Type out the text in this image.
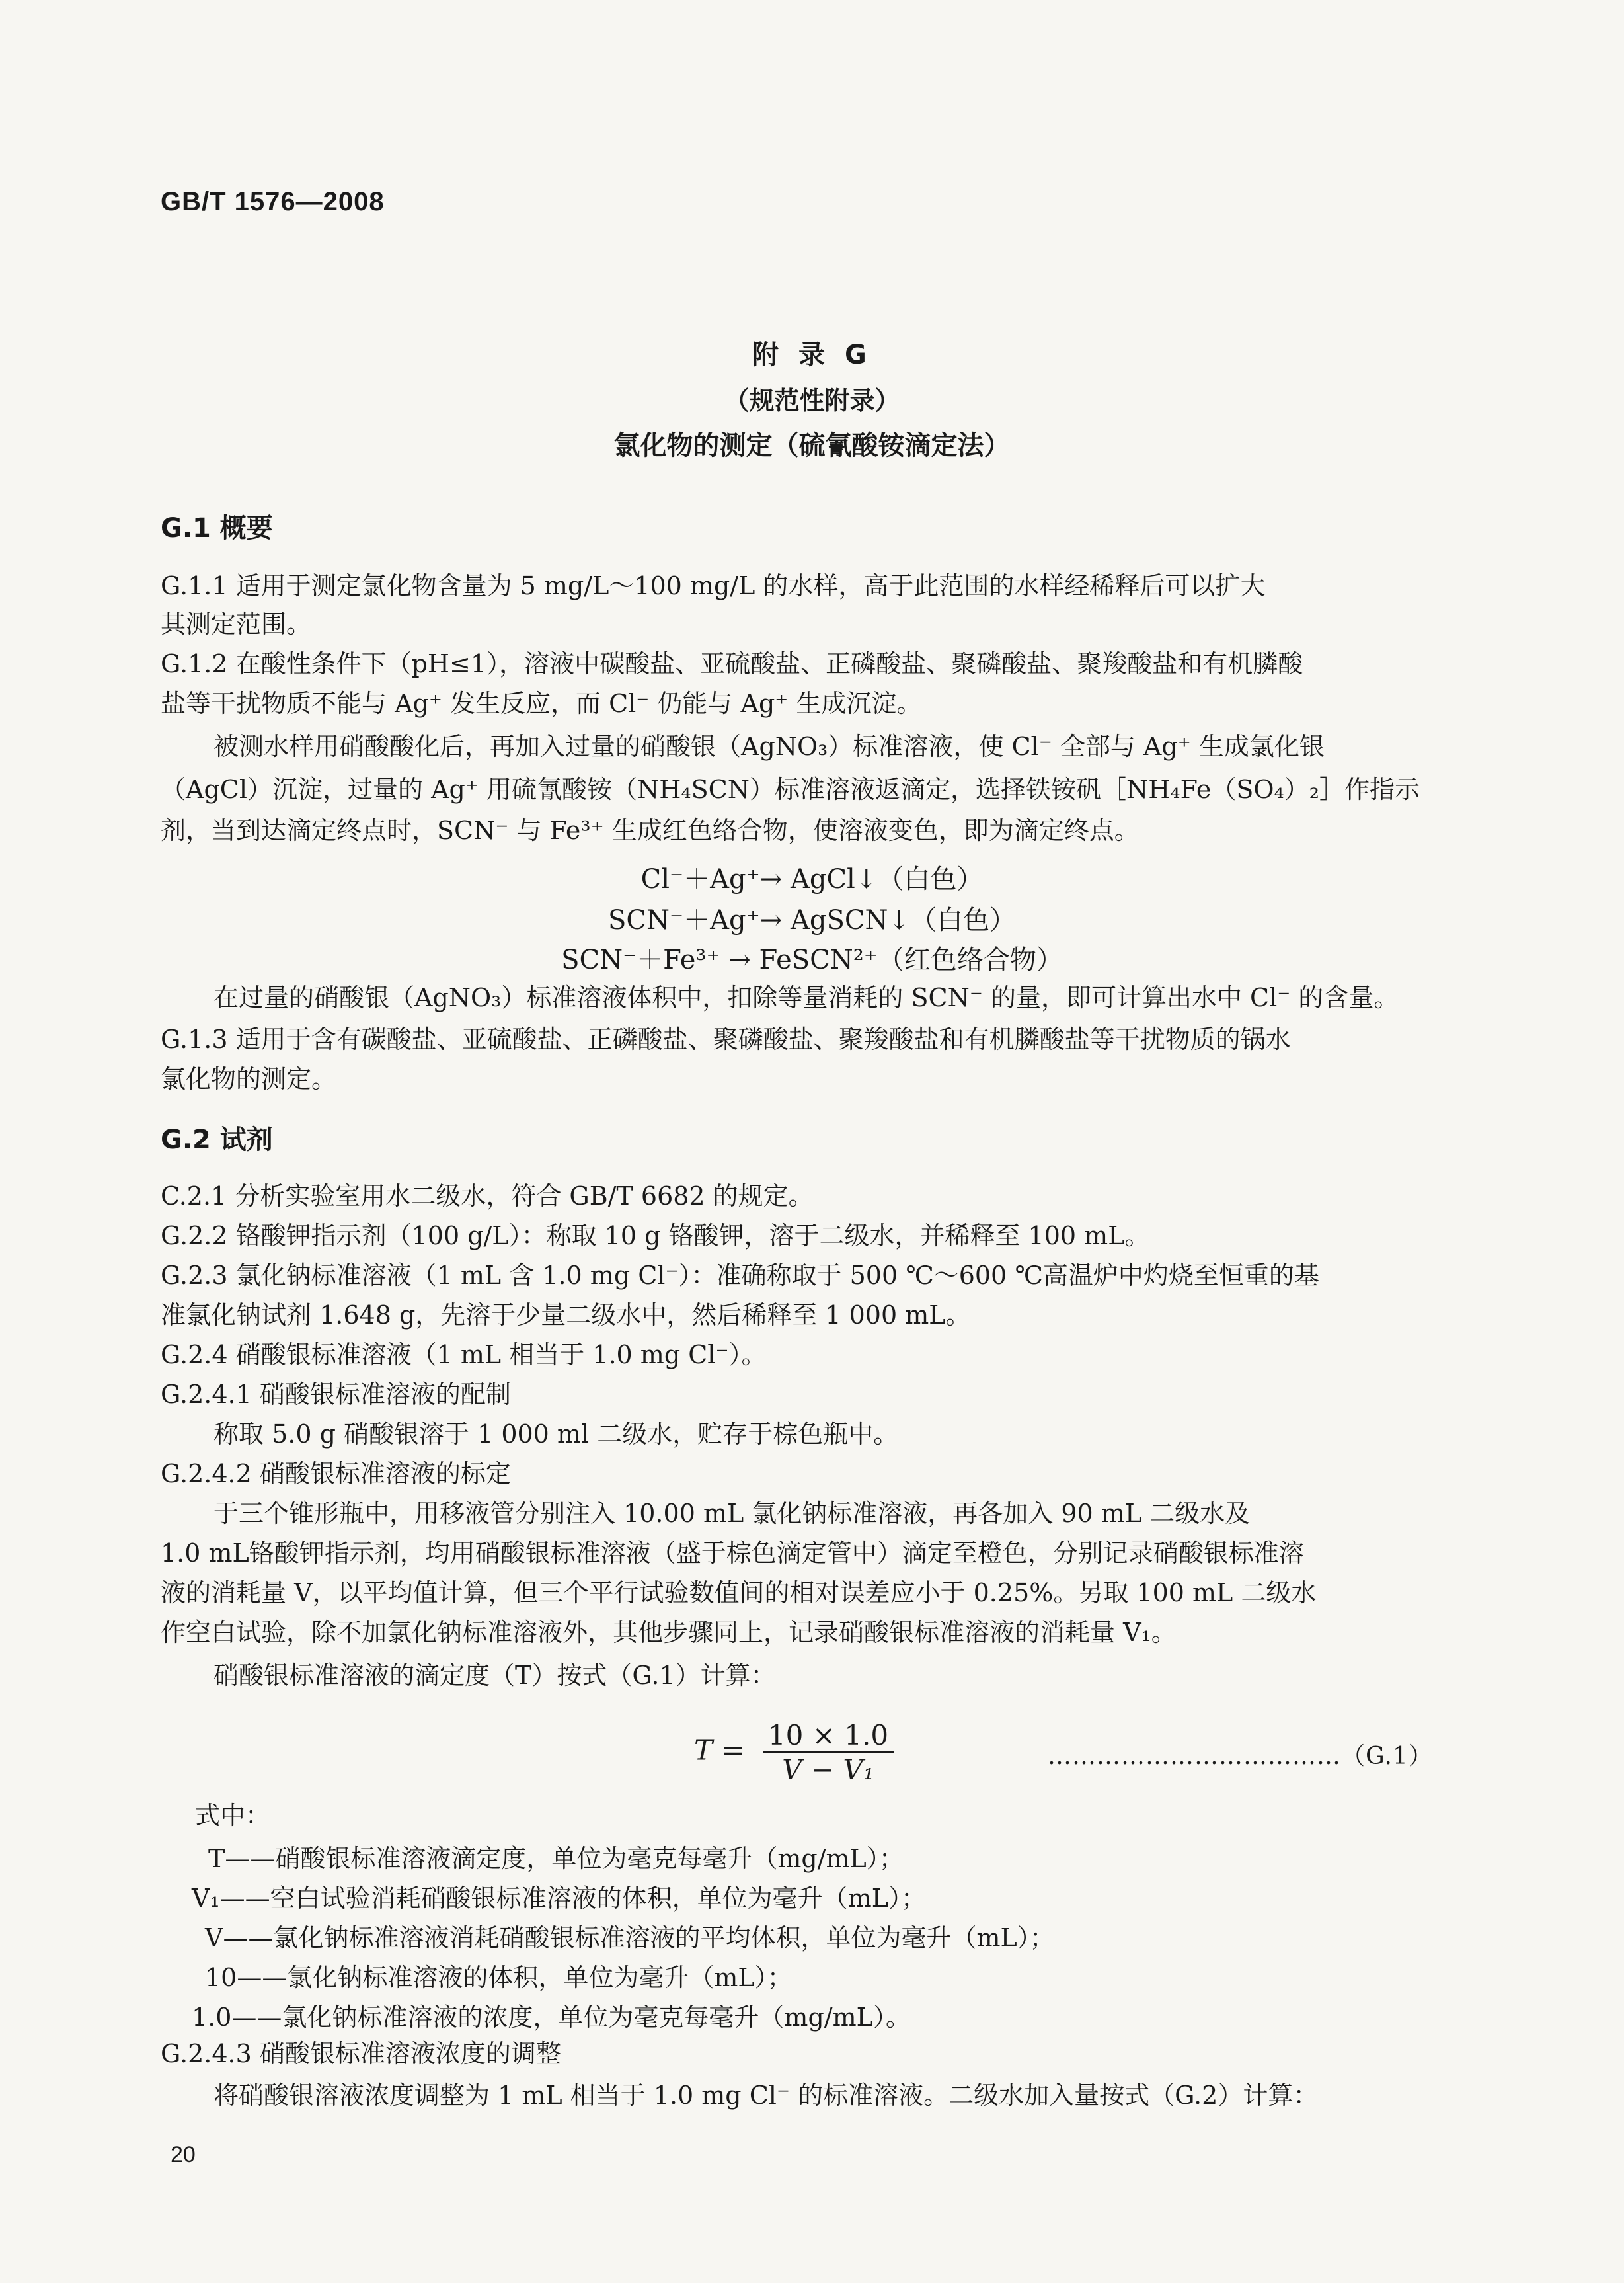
GB/T 1576—2008
附 录 G
（规范性附录）
氯化物的测定（硫氰酸铵滴定法）
G.1 概要
G.1.1 适用于测定氯化物含量为 5 mg/L～100 mg/L 的水样，高于此范围的水样经稀释后可以扩大
其测定范围。
G.1.2 在酸性条件下（pH≤1），溶液中碳酸盐、亚硫酸盐、正磷酸盐、聚磷酸盐、聚羧酸盐和有机膦酸
盐等干扰物质不能与 Ag⁺ 发生反应，而 Cl⁻ 仍能与 Ag⁺ 生成沉淀。
被测水样用硝酸酸化后，再加入过量的硝酸银（AgNO₃）标准溶液，使 Cl⁻ 全部与 Ag⁺ 生成氯化银
（AgCl）沉淀，过量的 Ag⁺ 用硫氰酸铵（NH₄SCN）标准溶液返滴定，选择铁铵矾［NH₄Fe（SO₄）₂］作指示
剂，当到达滴定终点时，SCN⁻ 与 Fe³⁺ 生成红色络合物，使溶液变色，即为滴定终点。
Cl⁻＋Ag⁺→ AgCl↓（白色）
SCN⁻＋Ag⁺→ AgSCN↓（白色）
SCN⁻＋Fe³⁺ → FeSCN²⁺（红色络合物）
在过量的硝酸银（AgNO₃）标准溶液体积中，扣除等量消耗的 SCN⁻ 的量，即可计算出水中 Cl⁻ 的含量。
G.1.3 适用于含有碳酸盐、亚硫酸盐、正磷酸盐、聚磷酸盐、聚羧酸盐和有机膦酸盐等干扰物质的锅水
氯化物的测定。
G.2 试剂
C.2.1 分析实验室用水二级水，符合 GB/T 6682 的规定。
G.2.2 铬酸钾指示剂（100 g/L）：称取 10 g 铬酸钾，溶于二级水，并稀释至 100 mL。
G.2.3 氯化钠标准溶液（1 mL 含 1.0 mg Cl⁻）：准确称取于 500 ℃～600 ℃高温炉中灼烧至恒重的基
准氯化钠试剂 1.648 g，先溶于少量二级水中，然后稀释至 1 000 mL。
G.2.4 硝酸银标准溶液（1 mL 相当于 1.0 mg Cl⁻）。
G.2.4.1 硝酸银标准溶液的配制
称取 5.0 g 硝酸银溶于 1 000 ml 二级水，贮存于棕色瓶中。
G.2.4.2 硝酸银标准溶液的标定
于三个锥形瓶中，用移液管分别注入 10.00 mL 氯化钠标准溶液，再各加入 90 mL 二级水及
1.0 mL铬酸钾指示剂，均用硝酸银标准溶液（盛于棕色滴定管中）滴定至橙色，分别记录硝酸银标准溶
液的消耗量 V，以平均值计算，但三个平行试验数值间的相对误差应小于 0.25%。另取 100 mL 二级水
作空白试验，除不加氯化钠标准溶液外，其他步骤同上，记录硝酸银标准溶液的消耗量 V₁。
硝酸银标准溶液的滴定度（T）按式（G.1）计算：
$T = \frac{10 \times 1.0}{\text{V − V₁}}$	………………………………（G.1）
式中：
T——硝酸银标准溶液滴定度，单位为毫克每毫升（mg/mL）；
V₁——空白试验消耗硝酸银标准溶液的体积，单位为毫升（mL）；
V——氯化钠标准溶液消耗硝酸银标准溶液的平均体积，单位为毫升（mL）；
10——氯化钠标准溶液的体积，单位为毫升（mL）；
1.0——氯化钠标准溶液的浓度，单位为毫克每毫升（mg/mL）。
G.2.4.3 硝酸银标准溶液浓度的调整
将硝酸银溶液浓度调整为 1 mL 相当于 1.0 mg Cl⁻ 的标准溶液。二级水加入量按式（G.2）计算：
20
